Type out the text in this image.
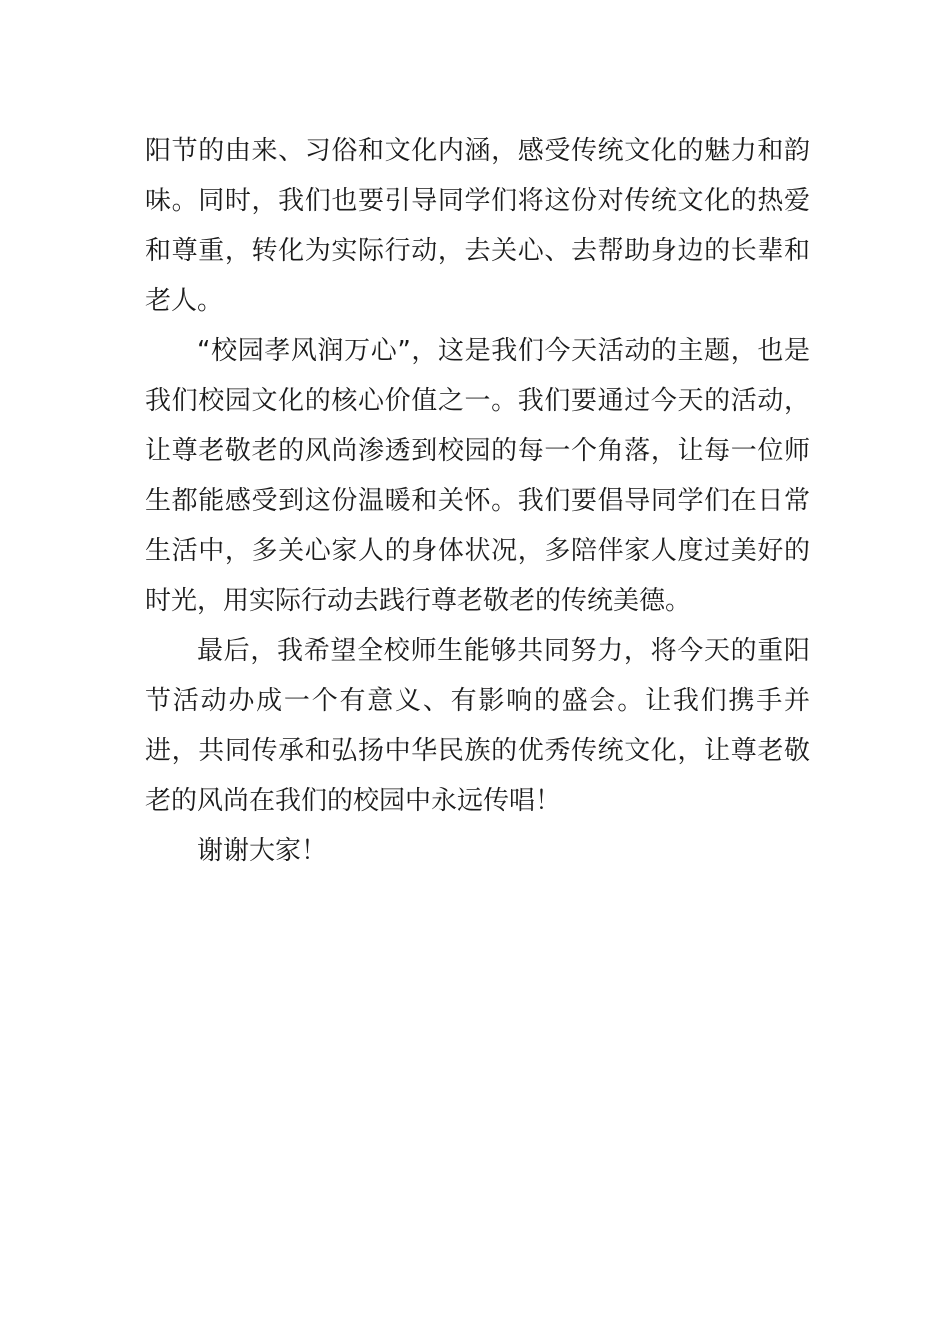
阳节的由来、习俗和文化内涵，感受传统文化的魅力和韵味。同时，我们也要引导同学们将这份对传统文化的热爱和尊重，转化为实际行动，去关心、去帮助身边的长辈和老人。

“校园孝风润万心”，这是我们今天活动的主题，也是我们校园文化的核心价值之一。我们要通过今天的活动，让尊老敬老的风尚渗透到校园的每一个角落，让每一位师生都能感受到这份温暖和关怀。我们要倡导同学们在日常生活中，多关心家人的身体状况，多陪伴家人度过美好的时光，用实际行动去践行尊老敬老的传统美德。

最后，我希望全校师生能够共同努力，将今天的重阳节活动办成一个有意义、有影响的盛会。让我们携手并进，共同传承和弘扬中华民族的优秀传统文化，让尊老敬老的风尚在我们的校园中永远传唱！

谢谢大家！
